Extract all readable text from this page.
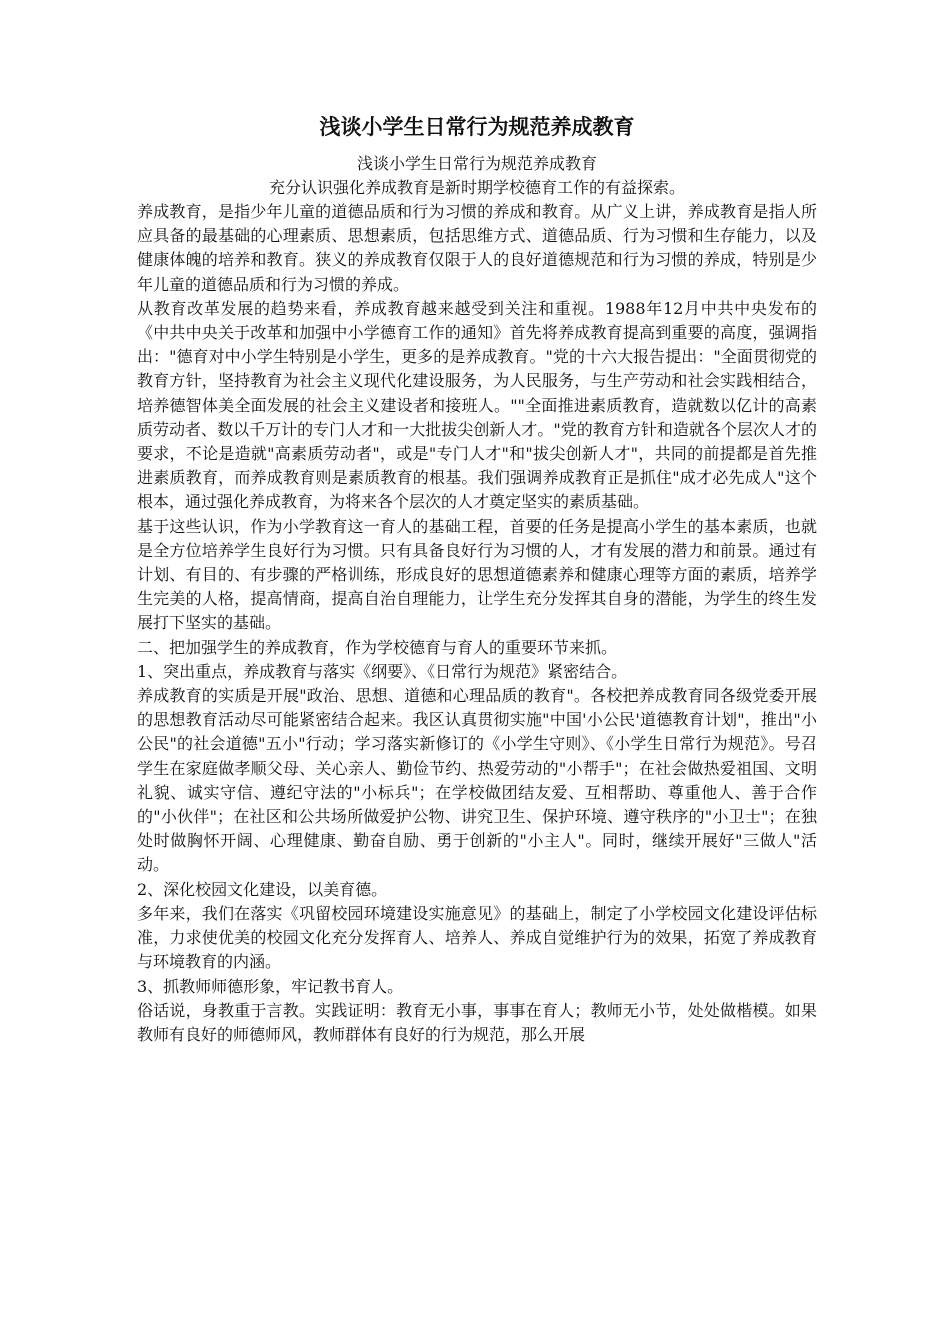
浅谈小学生日常行为规范养成教育

浅谈小学生日常行为规范养成教育

充分认识强化养成教育是新时期学校德育工作的有益探索。

养成教育，是指少年儿童的道德品质和行为习惯的养成和教育。从广义上讲，养成教育是指人所应具备的最基础的心理素质、思想素质，包括思维方式、道德品质、行为习惯和生存能力，以及健康体魄的培养和教育。狭义的养成教育仅限于人的良好道德规范和行为习惯的养成，特别是少年儿童的道德品质和行为习惯的养成。

从教育改革发展的趋势来看，养成教育越来越受到关注和重视。1988年12月中共中央发布的《中共中央关于改革和加强中小学德育工作的通知》首先将养成教育提高到重要的高度，强调指出："德育对中小学生特别是小学生，更多的是养成教育。"党的十六大报告提出："全面贯彻党的教育方针，坚持教育为社会主义现代化建设服务，为人民服务，与生产劳动和社会实践相结合，培养德智体美全面发展的社会主义建设者和接班人。""全面推进素质教育，造就数以亿计的高素质劳动者、数以千万计的专门人才和一大批拔尖创新人才。"党的教育方针和造就各个层次人才的要求，不论是造就"高素质劳动者"，或是"专门人才"和"拔尖创新人才"，共同的前提都是首先推进素质教育，而养成教育则是素质教育的根基。我们强调养成教育正是抓住"成才必先成人"这个根本，通过强化养成教育，为将来各个层次的人才奠定坚实的素质基础。

基于这些认识，作为小学教育这一育人的基础工程，首要的任务是提高小学生的基本素质，也就是全方位培养学生良好行为习惯。只有具备良好行为习惯的人，才有发展的潜力和前景。通过有计划、有目的、有步骤的严格训练，形成良好的思想道德素养和健康心理等方面的素质，培养学生完美的人格，提高情商，提高自治自理能力，让学生充分发挥其自身的潜能，为学生的终生发展打下坚实的基础。

二、把加强学生的养成教育，作为学校德育与育人的重要环节来抓。

1、突出重点，养成教育与落实《纲要》、《日常行为规范》紧密结合。

养成教育的实质是开展"政治、思想、道德和心理品质的教育"。各校把养成教育同各级党委开展的思想教育活动尽可能紧密结合起来。我区认真贯彻实施"中国'小公民'道德教育计划"，推出"小公民"的社会道德"五小"行动；学习落实新修订的《小学生守则》、《小学生日常行为规范》。号召学生在家庭做孝顺父母、关心亲人、勤俭节约、热爱劳动的"小帮手"；在社会做热爱祖国、文明礼貌、诚实守信、遵纪守法的"小标兵"；在学校做团结友爱、互相帮助、尊重他人、善于合作的"小伙伴"；在社区和公共场所做爱护公物、讲究卫生、保护环境、遵守秩序的"小卫士"；在独处时做胸怀开阔、心理健康、勤奋自励、勇于创新的"小主人"。同时，继续开展好"三做人"活动。

2、深化校园文化建设，以美育德。

多年来，我们在落实《巩留校园环境建设实施意见》的基础上，制定了小学校园文化建设评估标准，力求使优美的校园文化充分发挥育人、培养人、养成自觉维护行为的效果，拓宽了养成教育与环境教育的内涵。

3、抓教师师德形象，牢记教书育人。

俗话说，身教重于言教。实践证明：教育无小事，事事在育人；教师无小节，处处做楷模。如果教师有良好的师德师风，教师群体有良好的行为规范，那么开展
